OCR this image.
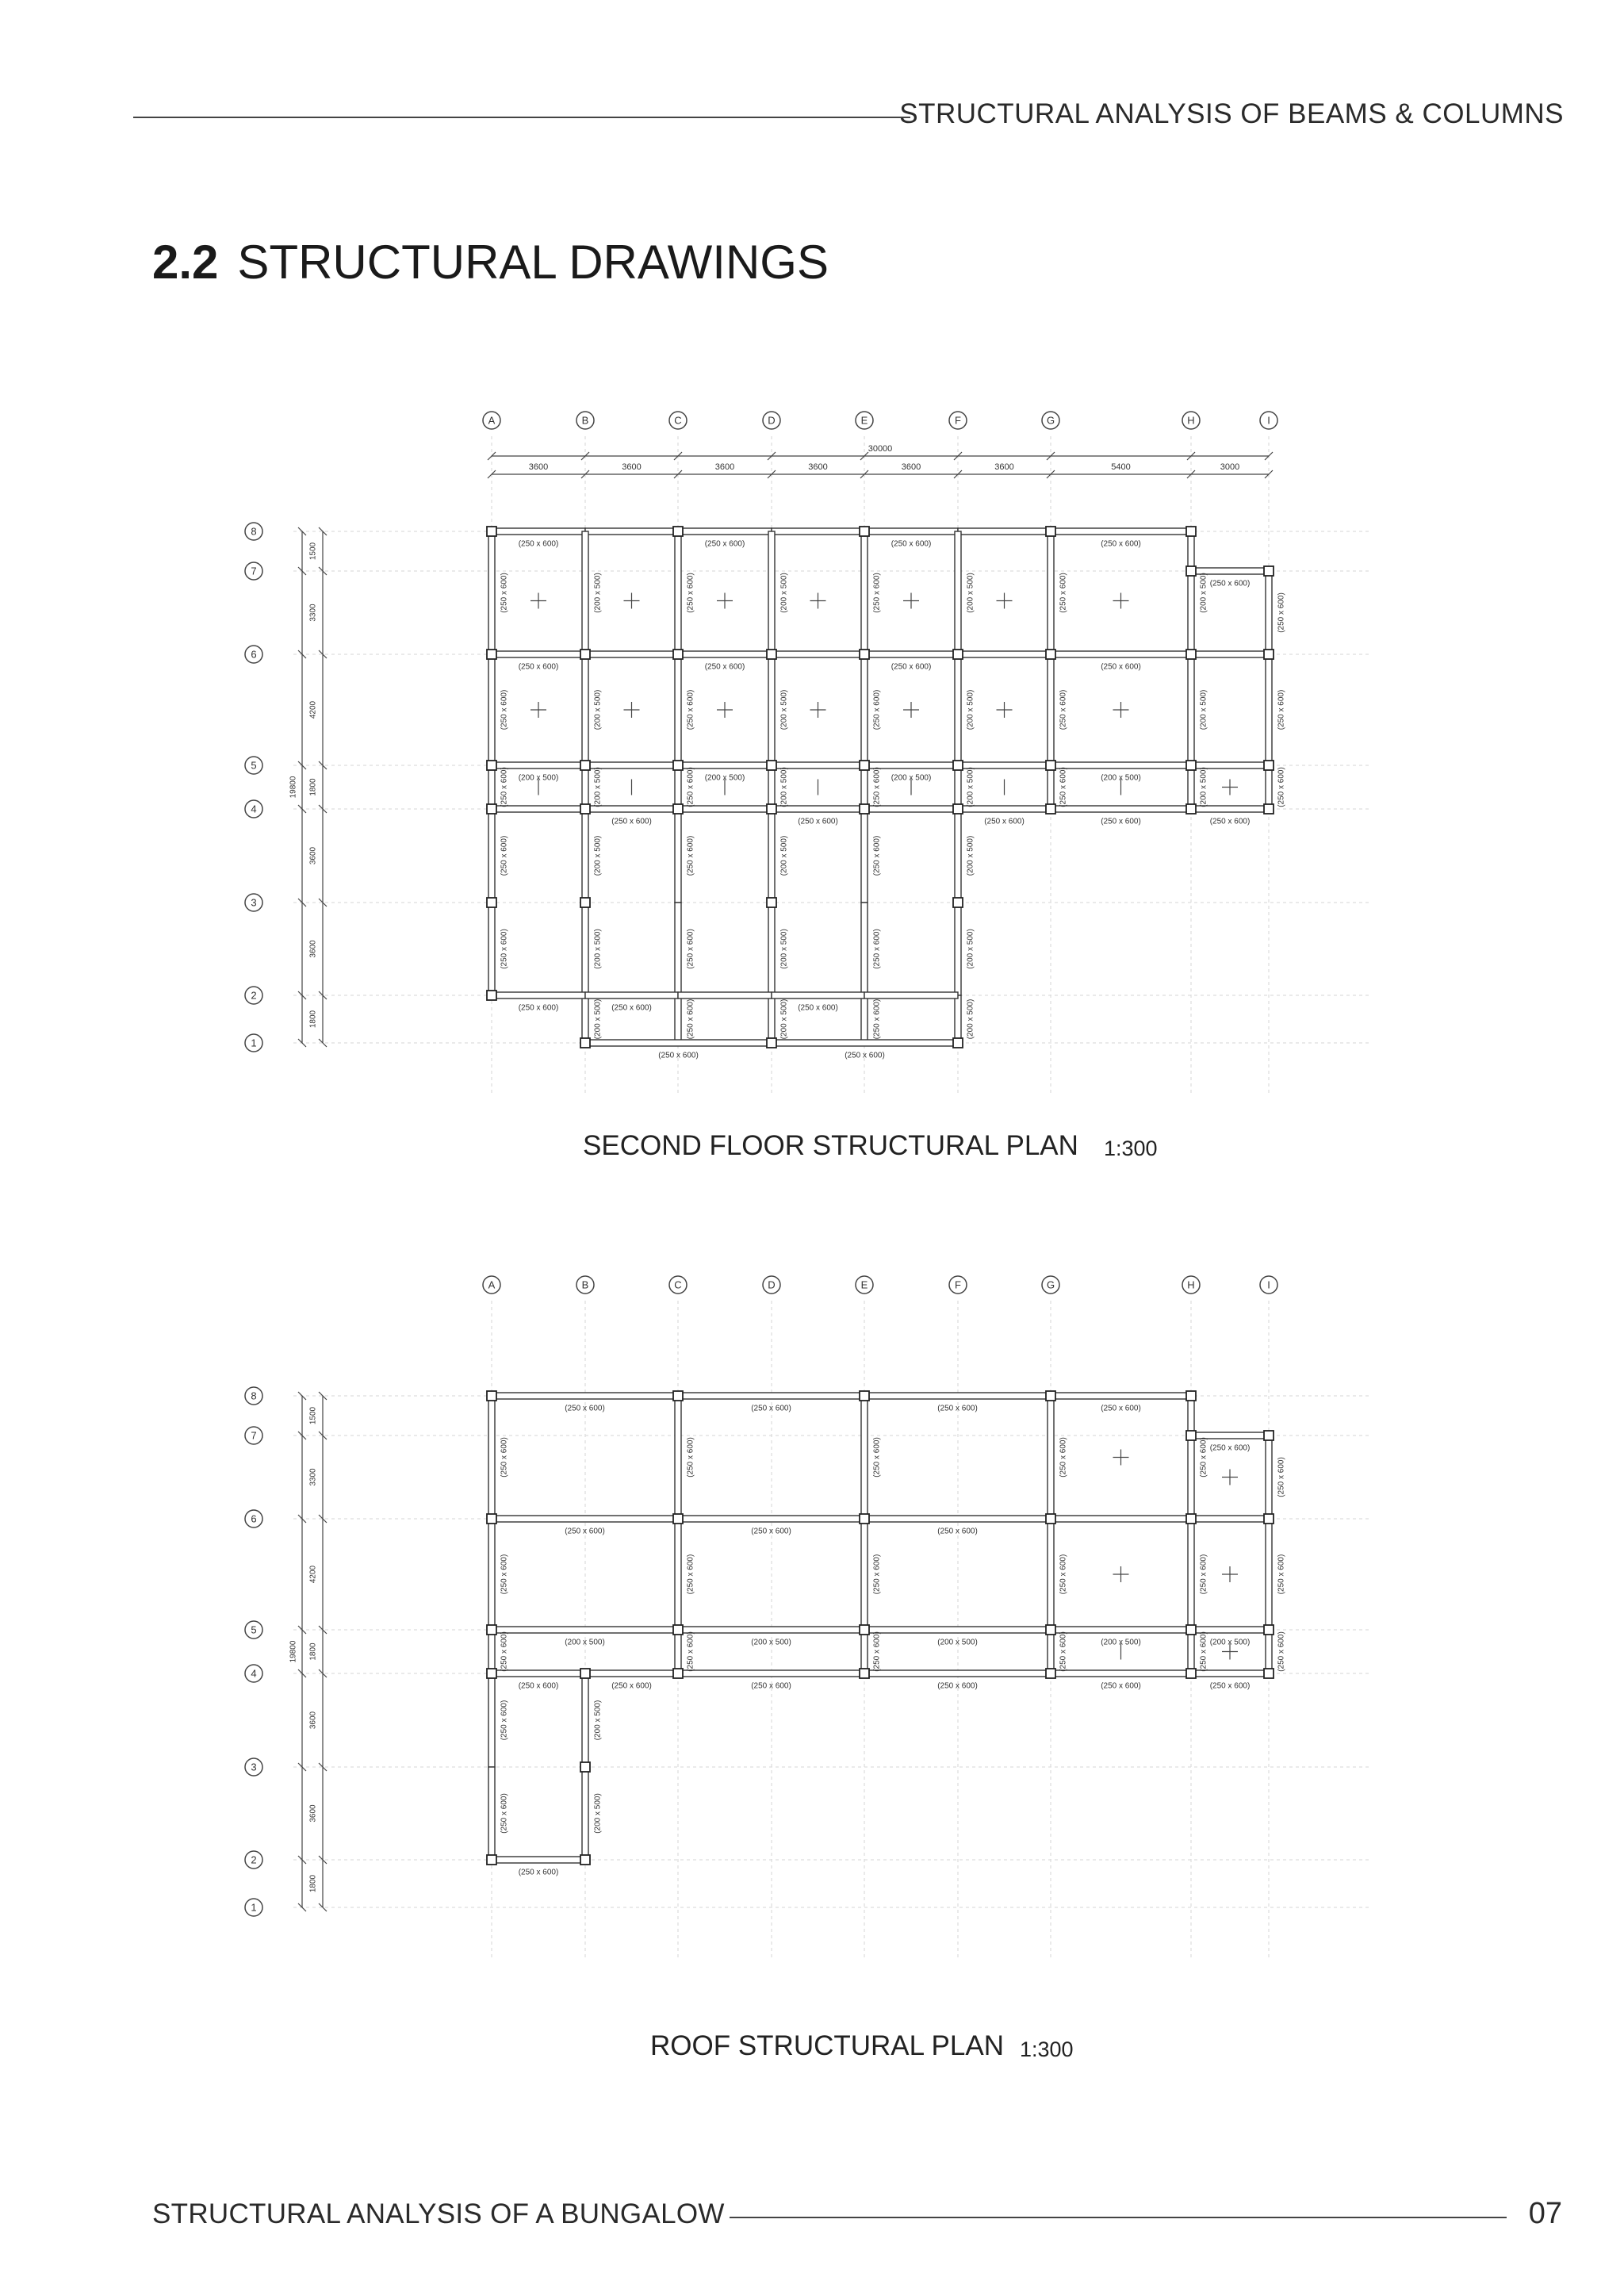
STRUCTURAL ANALYSIS OF BEAMS & COLUMNS
2.2 STRUCTURAL DRAWINGS
A	B	C	D	E	F	G	H	I
8
7
6
5
4
3
2
1
19800
1500
3300
4200
1800
3600
3600
1800
30000
3600	3600	3600	3600	3600	3600	5400	3000
(250 x 600)	(250 x 600)	(250 x 600)	(250 x 600)
(250 x 600)
(250 x 600)	(250 x 600)	(250 x 600)	(250 x 600)
(200 x 500)	(200 x 500)	(200 x 500)	(200 x 500)
(250 x 600)	(250 x 600)	(250 x 600)	(250 x 600)	(250 x 600)
(250 x 600)
(250 x 600)
(250 x 600)
(200 x 500)
(200 x 500)
(200 x 500)
(250 x 600)
(250 x 600)
(250 x 600)
(200 x 500)
(200 x 500)
(200 x 500)
(250 x 600)
(250 x 600)
(250 x 600)
(200 x 500)
(200 x 500)
(200 x 500)
(250 x 600)
(250 x 600)
(250 x 600)
(200 x 500)
(200 x 500)
(200 x 500)
(250 x 600)
(250 x 600)
(250 x 600)
(250 x 600)
(250 x 600)
(200 x 500)
(200 x 500)
(200 x 500)
(250 x 600)
(250 x 600)
(250 x 600)
(200 x 500)
(200 x 500)
(200 x 500)
(250 x 600)
(250 x 600)
(250 x 600)
(200 x 500)
(200 x 500)
(200 x 500)
(250 x 600)	(250 x 600)	(250 x 600)
(250 x 600)	(250 x 600)
SECOND FLOOR STRUCTURAL PLAN 1:300
A	B	C	D	E	F	G	H	I
8
7
6
5
4
3
2
1
19800
1500
3300
4200
1800
3600
3600
1800
(250 x 600)	(250 x 600)	(250 x 600)	(250 x 600)
(250 x 600)
(250 x 600)	(250 x 600)	(250 x 600)
(200 x 500)	(200 x 500)	(200 x 500)	(200 x 500)	(200 x 500)
(250 x 600)	(250 x 600)	(250 x 600)	(250 x 600)	(250 x 600)	(250 x 600)
(250 x 600)
(250 x 600)
(250 x 600)
(250 x 600)
(250 x 600)
(250 x 600)
(250 x 600)
(250 x 600)
(250 x 600)
(250 x 600)
(250 x 600)
(250 x 600)
(250 x 600)
(250 x 600)
(250 x 600)
(250 x 600)
(250 x 600)
(250 x 600)
(250 x 600)
(250 x 600)
(200 x 500)
(200 x 500)
(250 x 600)
ROOF STRUCTURAL PLAN 1:300
STRUCTURAL ANALYSIS OF A BUNGALOW	07
